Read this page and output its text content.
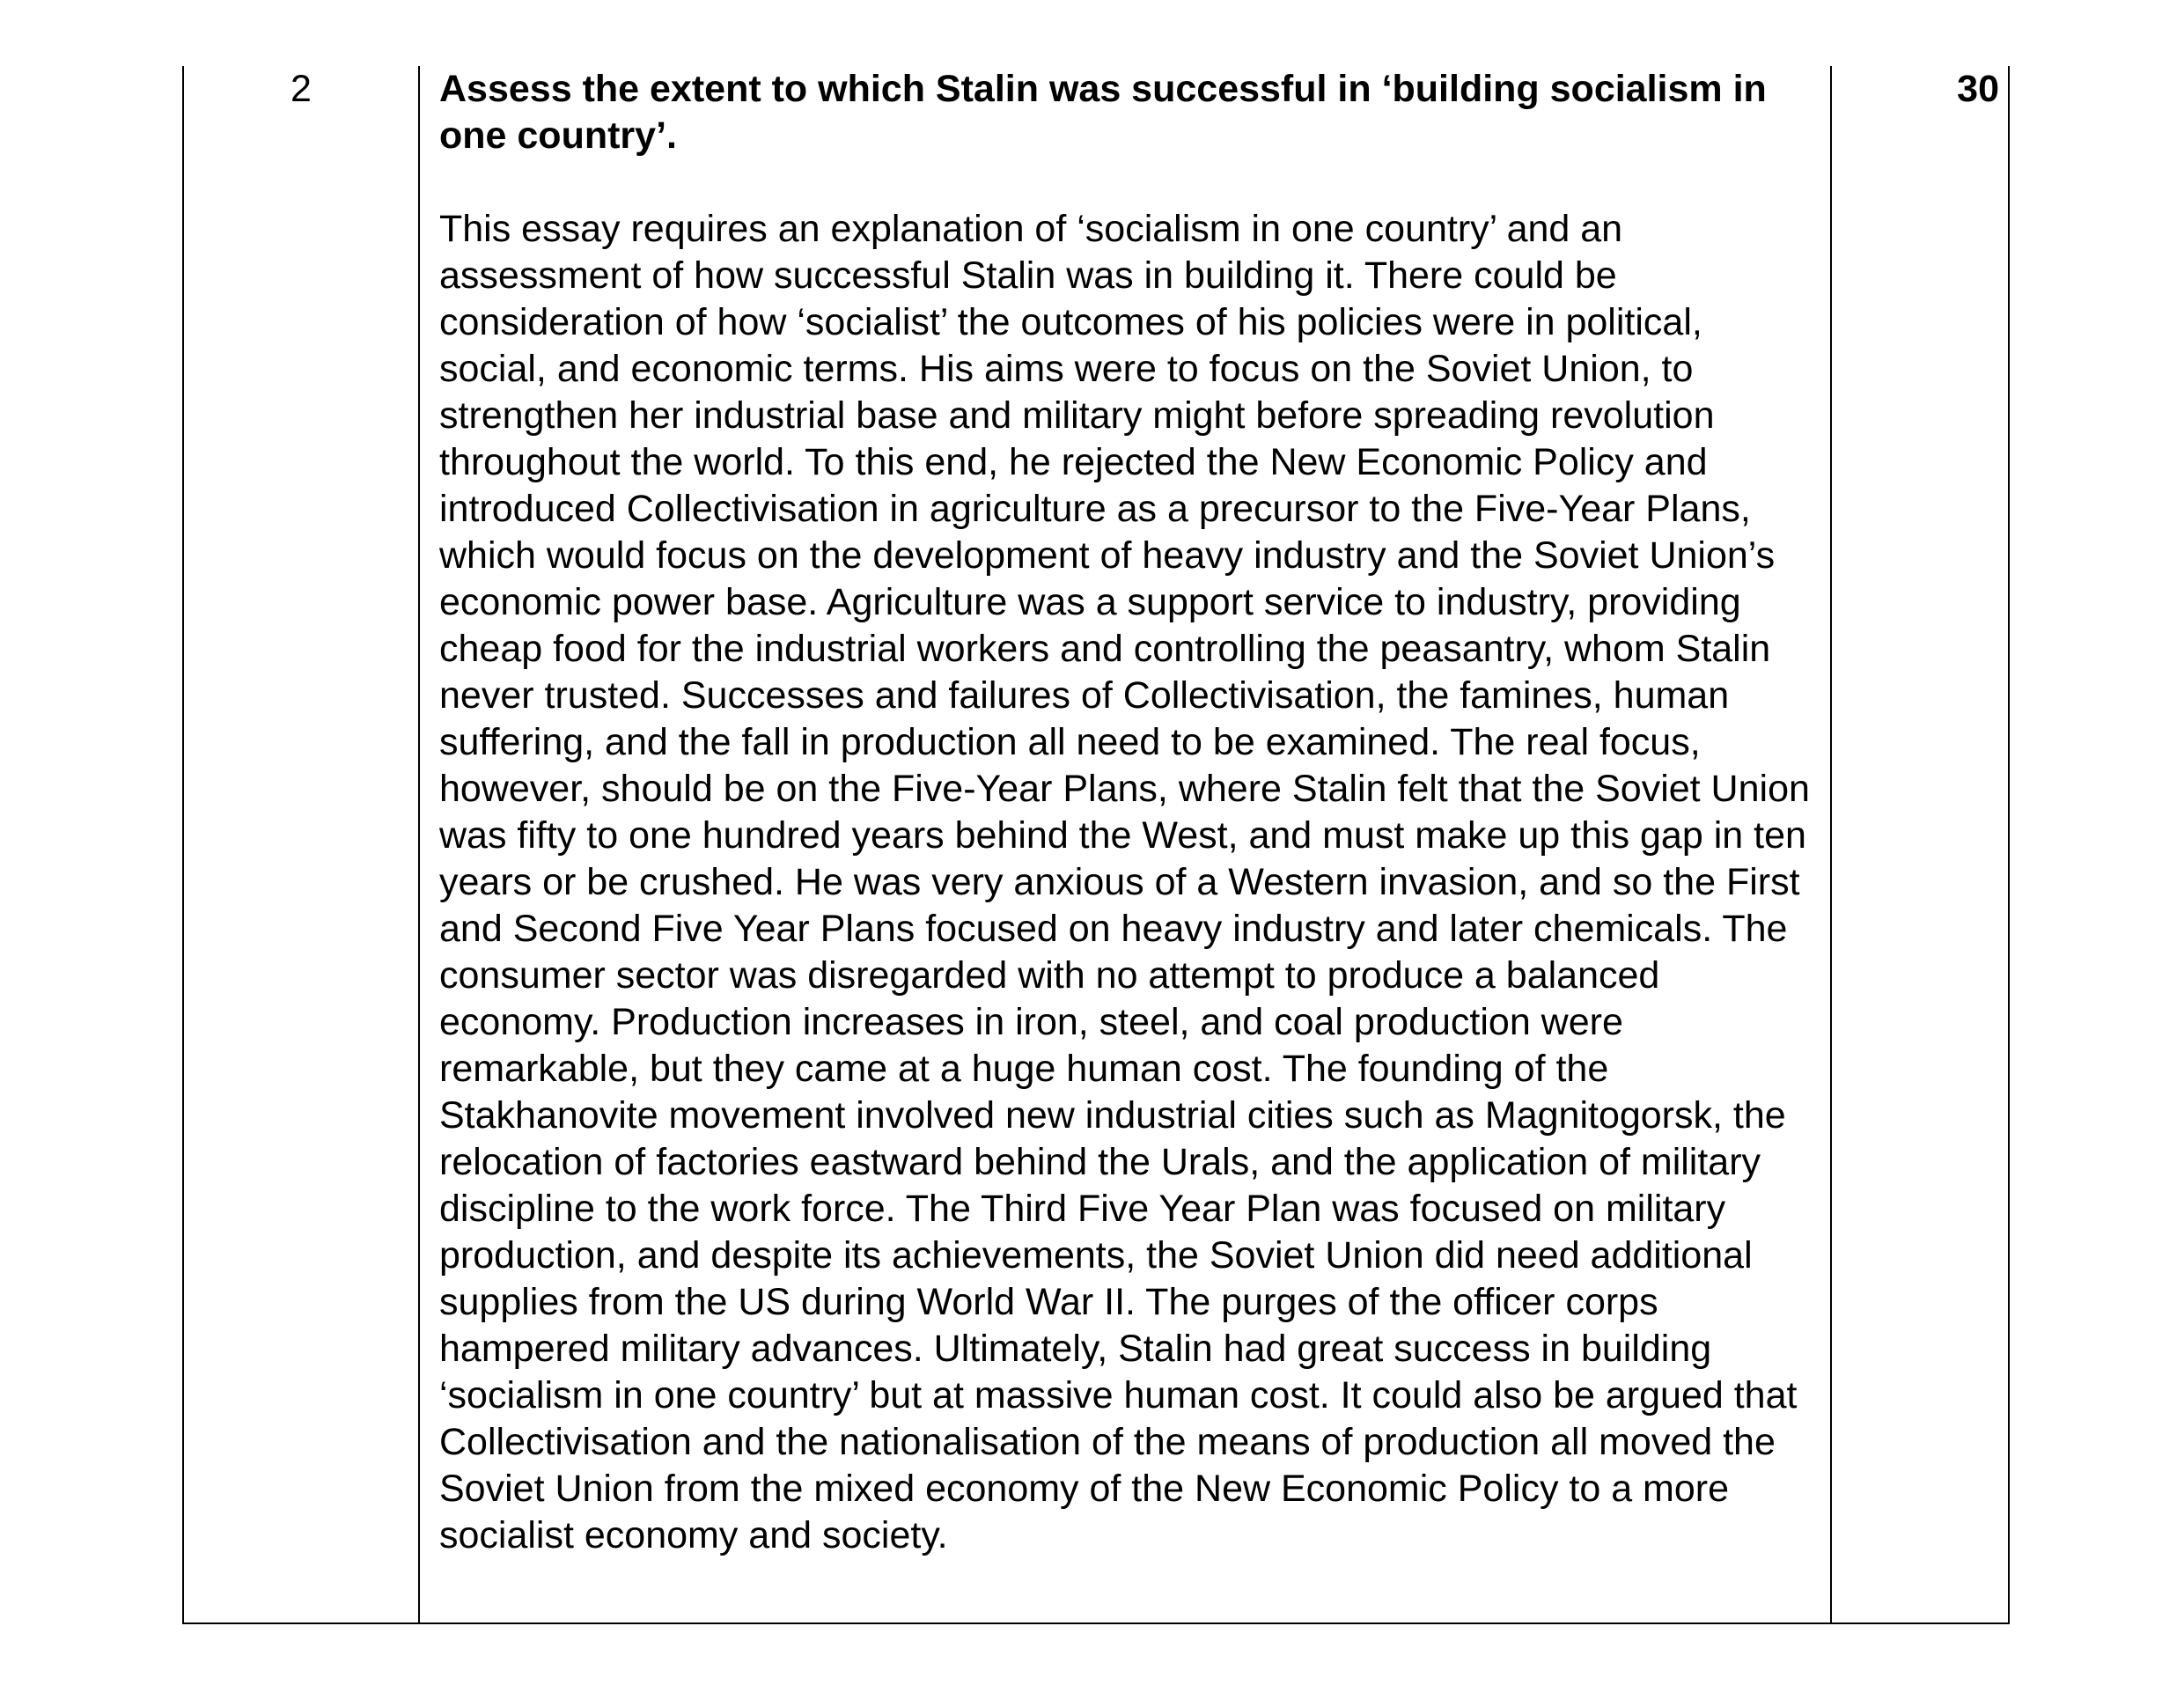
2	Assess the extent to which Stalin was successful in ‘building socialism in one country’.

This essay requires an explanation of ‘socialism in one country’ and an assessment of how successful Stalin was in building it. There could be consideration of how ‘socialist’ the outcomes of his policies were in political, social, and economic terms. His aims were to focus on the Soviet Union, to strengthen her industrial base and military might before spreading revolution throughout the world. To this end, he rejected the New Economic Policy and introduced Collectivisation in agriculture as a precursor to the Five-Year Plans, which would focus on the development of heavy industry and the Soviet Union’s economic power base. Agriculture was a support service to industry, providing cheap food for the industrial workers and controlling the peasantry, whom Stalin never trusted. Successes and failures of Collectivisation, the famines, human suffering, and the fall in production all need to be examined. The real focus, however, should be on the Five-Year Plans, where Stalin felt that the Soviet Union was fifty to one hundred years behind the West, and must make up this gap in ten years or be crushed. He was very anxious of a Western invasion, and so the First and Second Five Year Plans focused on heavy industry and later chemicals. The consumer sector was disregarded with no attempt to produce a balanced economy. Production increases in iron, steel, and coal production were remarkable, but they came at a huge human cost. The founding of the Stakhanovite movement involved new industrial cities such as Magnitogorsk, the relocation of factories eastward behind the Urals, and the application of military discipline to the work force. The Third Five Year Plan was focused on military production, and despite its achievements, the Soviet Union did need additional supplies from the US during World War II. The purges of the officer corps hampered military advances. Ultimately, Stalin had great success in building ‘socialism in one country’ but at massive human cost. It could also be argued that Collectivisation and the nationalisation of the means of production all moved the Soviet Union from the mixed economy of the New Economic Policy to a more socialist economy and society.

30
